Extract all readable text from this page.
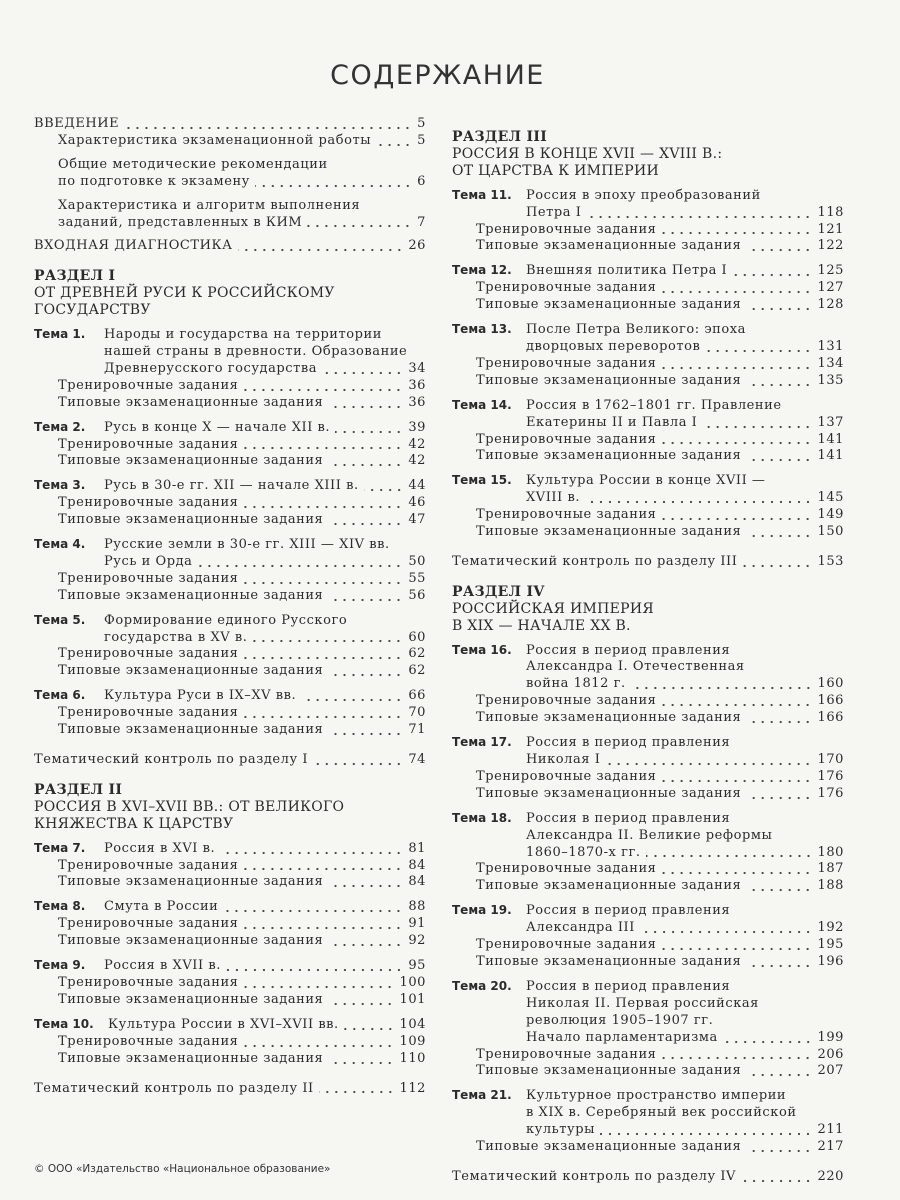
СОДЕРЖАНИЕ
ВВЕДЕНИЕ	5
Характеристика экзаменационной работы	5
Общие методические рекомендации
по подготовке к экзамену	6
Характеристика и алгоритм выполнения
заданий, представленных в КИМ	7
ВХОДНАЯ ДИАГНОСТИКА	26
РАЗДЕЛ I
ОТ ДРЕВНЕЙ РУСИ К РОССИЙСКОМУ
ГОСУДАРСТВУ
Тема 1.	Народы и государства на территории
нашей страны в древности. Образование
Древнерусского государства	34
Тренировочные задания	36
Типовые экзаменационные задания	36
Тема 2.	Русь в конце X — начале XII в.	39
Тренировочные задания	42
Типовые экзаменационные задания	42
Тема 3.	Русь в 30-е гг. XII — начале XIII в.	44
Тренировочные задания	46
Типовые экзаменационные задания	47
Тема 4.	Русские земли в 30-е гг. XIII — XIV вв.
Русь и Орда	50
Тренировочные задания	55
Типовые экзаменационные задания	56
Тема 5.	Формирование единого Русского
государства в XV в.	60
Тренировочные задания	62
Типовые экзаменационные задания	62
Тема 6.	Культура Руси в IX–XV вв.	66
Тренировочные задания	70
Типовые экзаменационные задания	71
Тематический контроль по разделу I	74
РАЗДЕЛ II
РОССИЯ В XVI–XVII ВВ.: ОТ ВЕЛИКОГО
КНЯЖЕСТВА К ЦАРСТВУ
Тема 7.	Россия в XVI в.	81
Тренировочные задания	84
Типовые экзаменационные задания	84
Тема 8.	Смута в России	88
Тренировочные задания	91
Типовые экзаменационные задания	92
Тема 9.	Россия в XVII в.	95
Тренировочные задания	100
Типовые экзаменационные задания	101
Тема 10.	Культура России в XVI–XVII вв.	104
Тренировочные задания	109
Типовые экзаменационные задания	110
Тематический контроль по разделу II	112
РАЗДЕЛ III
РОССИЯ В КОНЦЕ XVII — XVIII В.:
ОТ ЦАРСТВА К ИМПЕРИИ
Тема 11.	Россия в эпоху преобразований
Петра I	118
Тренировочные задания	121
Типовые экзаменационные задания	122
Тема 12.	Внешняя политика Петра I	125
Тренировочные задания	127
Типовые экзаменационные задания	128
Тема 13.	После Петра Великого: эпоха
дворцовых переворотов	131
Тренировочные задания	134
Типовые экзаменационные задания	135
Тема 14.	Россия в 1762–1801 гг. Правление
Екатерины II и Павла I	137
Тренировочные задания	141
Типовые экзаменационные задания	141
Тема 15.	Культура России в конце XVII —
XVIII в.	145
Тренировочные задания	149
Типовые экзаменационные задания	150
Тематический контроль по разделу III	153
РАЗДЕЛ IV
РОССИЙСКАЯ ИМПЕРИЯ
В XIX — НАЧАЛЕ XX В.
Тема 16.	Россия в период правления
Александра I. Отечественная
война 1812 г.	160
Тренировочные задания	166
Типовые экзаменационные задания	166
Тема 17.	Россия в период правления
Николая I	170
Тренировочные задания	176
Типовые экзаменационные задания	176
Тема 18.	Россия в период правления
Александра II. Великие реформы
1860–1870-х гг.	180
Тренировочные задания	187
Типовые экзаменационные задания	188
Тема 19.	Россия в период правления
Александра III	192
Тренировочные задания	195
Типовые экзаменационные задания	196
Тема 20.	Россия в период правления
Николая II. Первая российская
революция 1905–1907 гг.
Начало парламентаризма	199
Тренировочные задания	206
Типовые экзаменационные задания	207
Тема 21.	Культурное пространство империи
в XIX в. Серебряный век российской
культуры	211
Типовые экзаменационные задания	217
Тематический контроль по разделу IV	220
© ООО «Издательство «Национальное образование»
